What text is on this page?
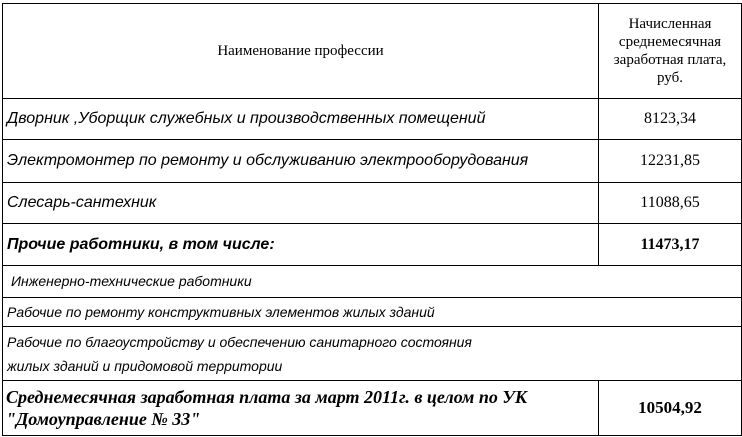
Наименование профессии	Начисленная
среднемесячная
заработная плата,
руб.

Дворник ,Уборщик служебных и производственных помещений	8123,34
Электромонтер по ремонту и обслуживанию электрооборудования	12231,85
Слесарь-сантехник	11088,65
Прочие работники, в том числе:	11473,17
Инженерно-технические работники	
Рабочие по ремонту конструктивных элементов жилых зданий	

Рабочие по благоустройству и обеспечению санитарного состояния
жилых зданий и придомовой территории	

Среднемесячная заработная плата за март 2011г. в целом по УК
"Домоуправление № 33"	10504,92
